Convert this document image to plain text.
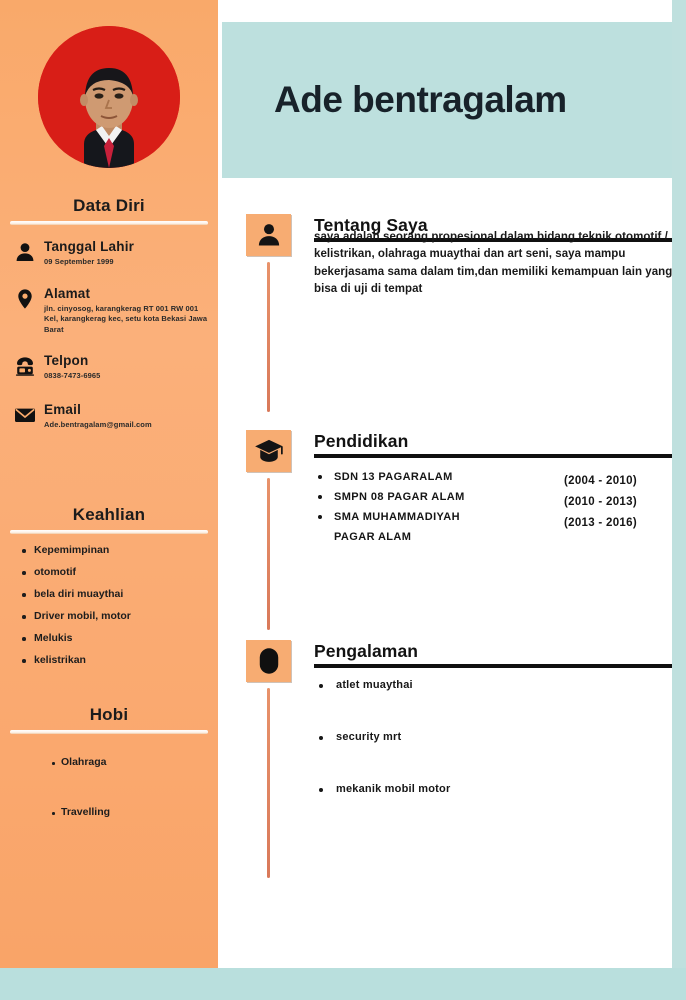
Data Diri
Tanggal Lahir
09 September 1999
Alamat
jln. cinyosog, karangkerag RT 001 RW 001 Kel, karangkerag kec, setu kota Bekasi Jawa Barat
Telpon
0838-7473-6965
Email
Ade.bentragalam@gmail.com
Keahlian
Kepemimpinan
otomotif
bela diri muaythai
Driver mobil, motor
Melukis
kelistrikan
Hobi
Olahraga
Travelling
Ade bentragalam
Tentang Saya
saya adalah seorang propesional dalam bidang teknik otomotif / kelistrikan, olahraga muaythai dan art seni, saya mampu bekerjasama sama dalam tim,dan memiliki kemampuan lain yang bisa di uji di tempat
Pendidikan
SDN 13 PAGARALAM
SMPN 08 PAGAR ALAM
SMA MUHAMMADIYAH
PAGAR ALAM
(2004 - 2010)
(2010 - 2013)
(2013 - 2016)
Pengalaman
atlet muaythai
security mrt
mekanik mobil motor
